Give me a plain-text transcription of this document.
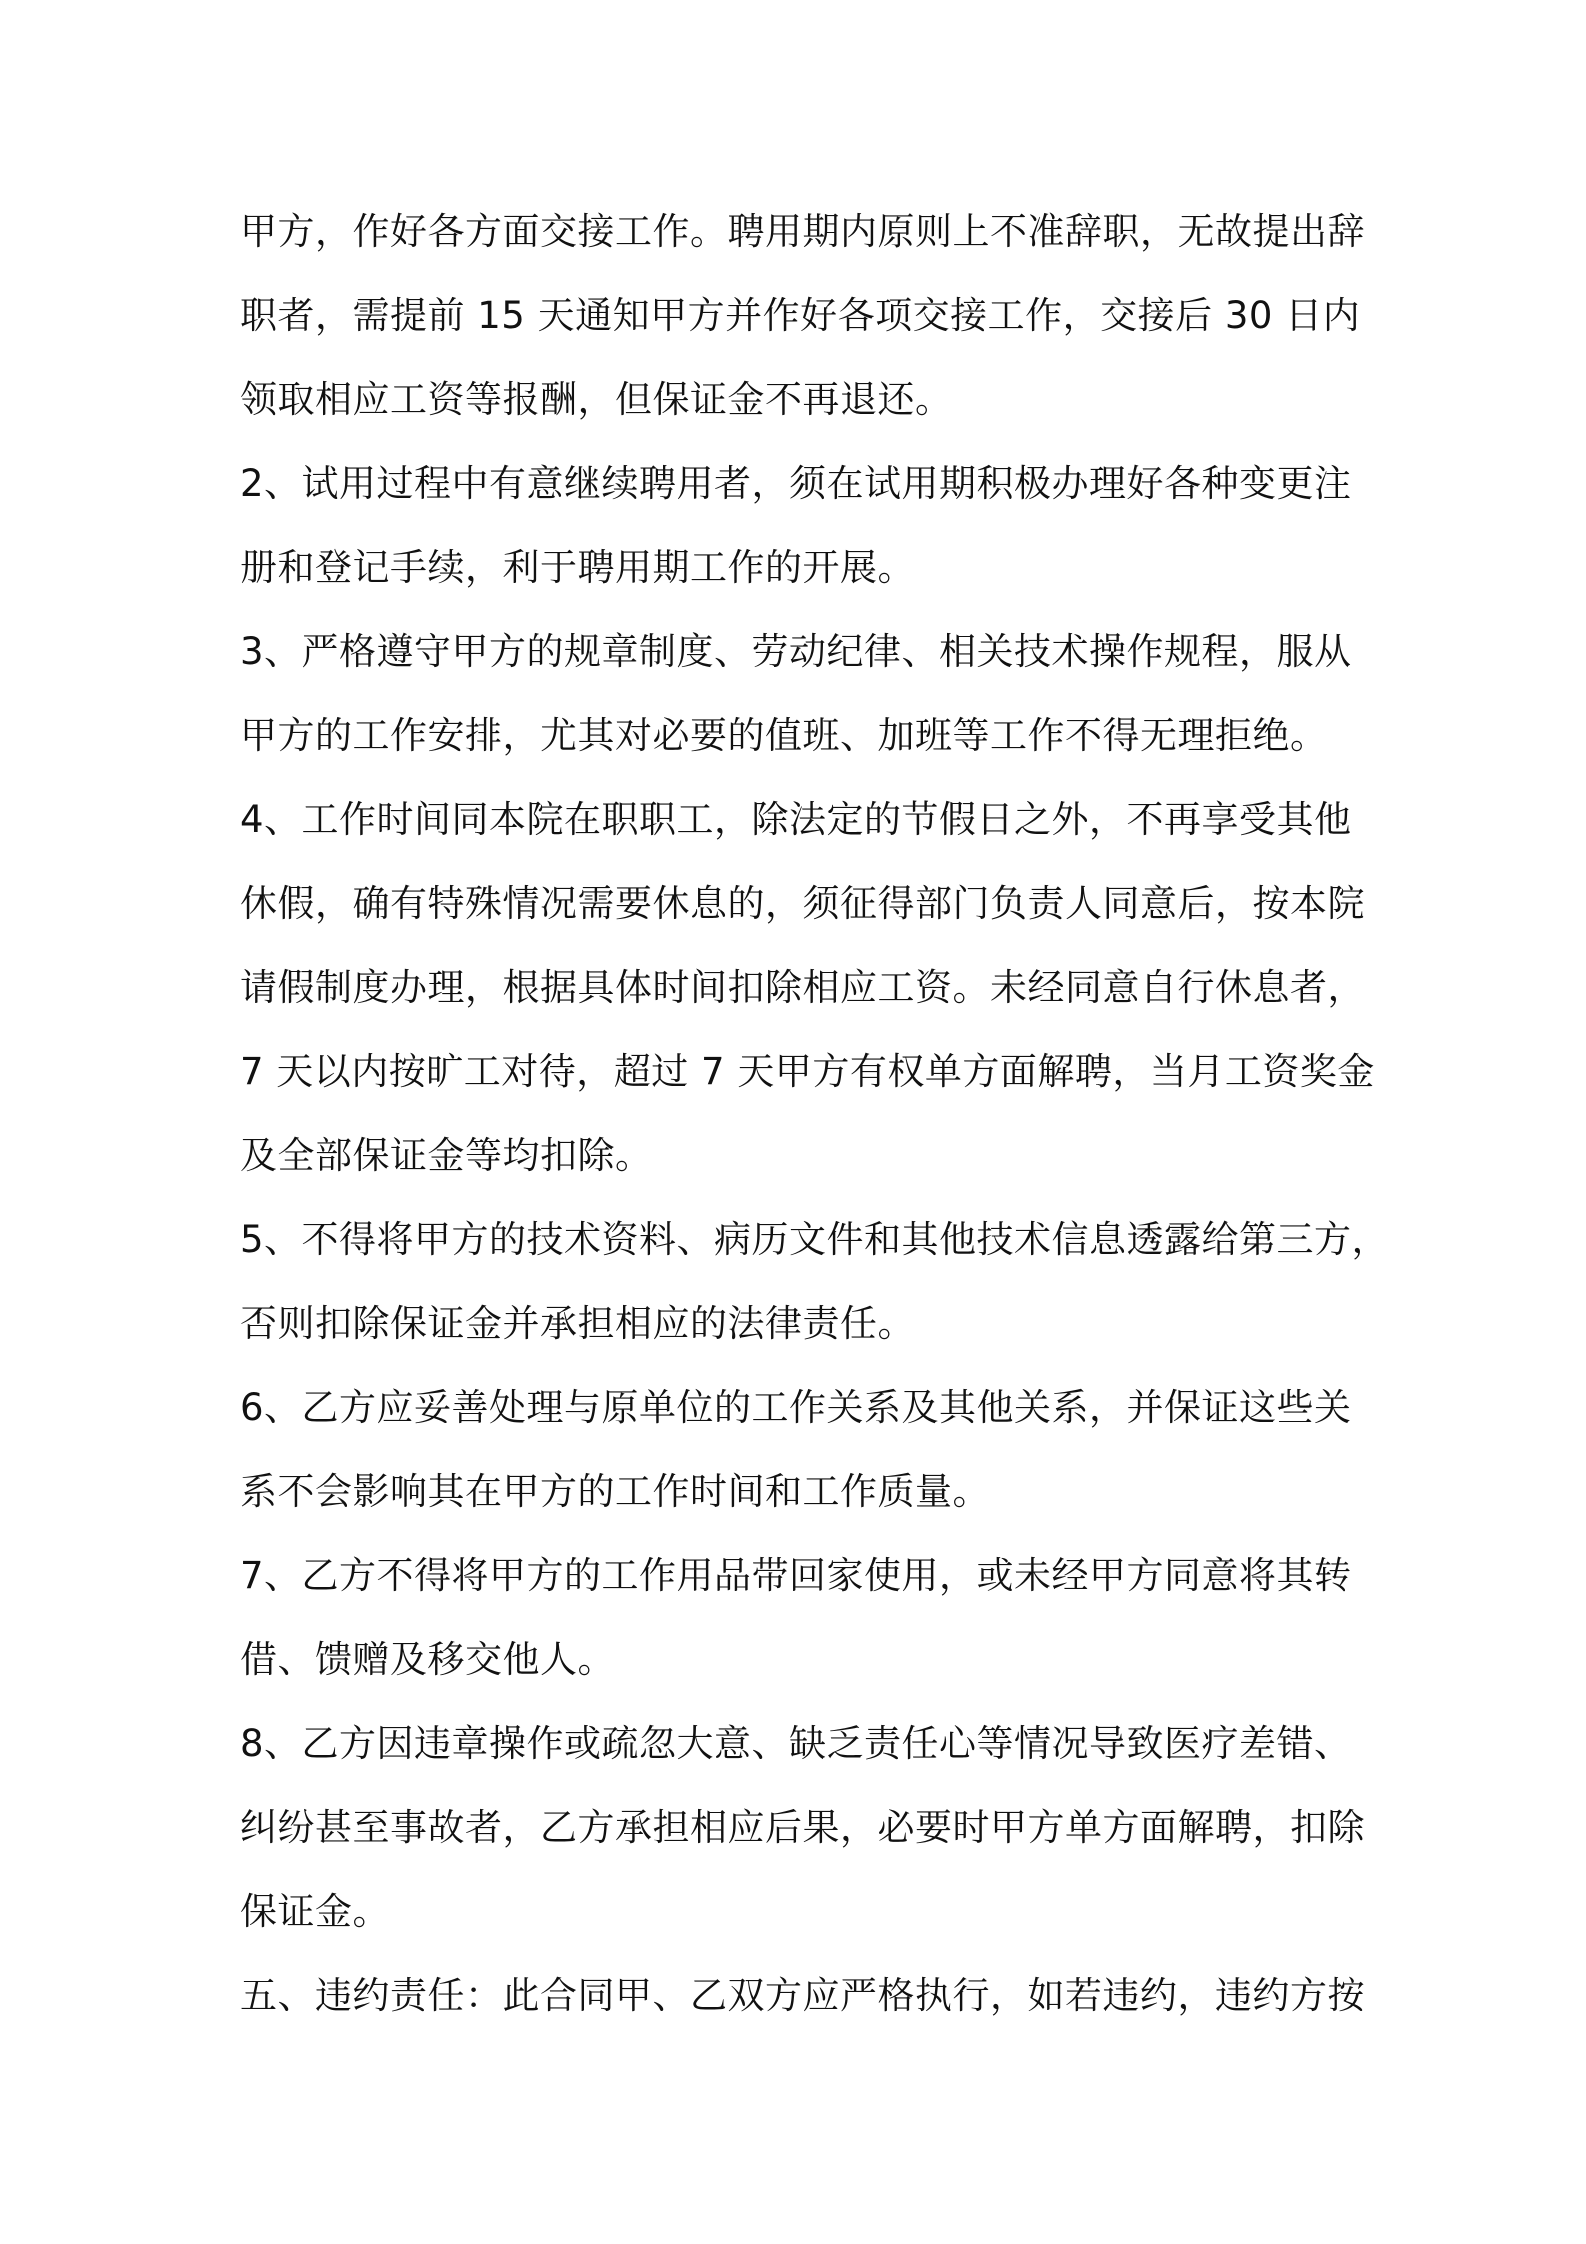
甲方，作好各方面交接工作。聘用期内原则上不准辞职，无故提出辞
职者，需提前 15 天通知甲方并作好各项交接工作，交接后 30 日内
领取相应工资等报酬，但保证金不再退还。
2、试用过程中有意继续聘用者，须在试用期积极办理好各种变更注
册和登记手续，利于聘用期工作的开展。
3、严格遵守甲方的规章制度、劳动纪律、相关技术操作规程，服从
甲方的工作安排，尤其对必要的值班、加班等工作不得无理拒绝。
4、工作时间同本院在职职工，除法定的节假日之外，不再享受其他
休假，确有特殊情况需要休息的，须征得部门负责人同意后，按本院
请假制度办理，根据具体时间扣除相应工资。未经同意自行休息者，
7 天以内按旷工对待，超过 7 天甲方有权单方面解聘，当月工资奖金
及全部保证金等均扣除。
5、不得将甲方的技术资料、病历文件和其他技术信息透露给第三方，
否则扣除保证金并承担相应的法律责任。
6、乙方应妥善处理与原单位的工作关系及其他关系，并保证这些关
系不会影响其在甲方的工作时间和工作质量。
7、乙方不得将甲方的工作用品带回家使用，或未经甲方同意将其转
借、馈赠及移交他人。
8、乙方因违章操作或疏忽大意、缺乏责任心等情况导致医疗差错、
纠纷甚至事故者，乙方承担相应后果，必要时甲方单方面解聘，扣除
保证金。
五、违约责任：此合同甲、乙双方应严格执行，如若违约，违约方按
